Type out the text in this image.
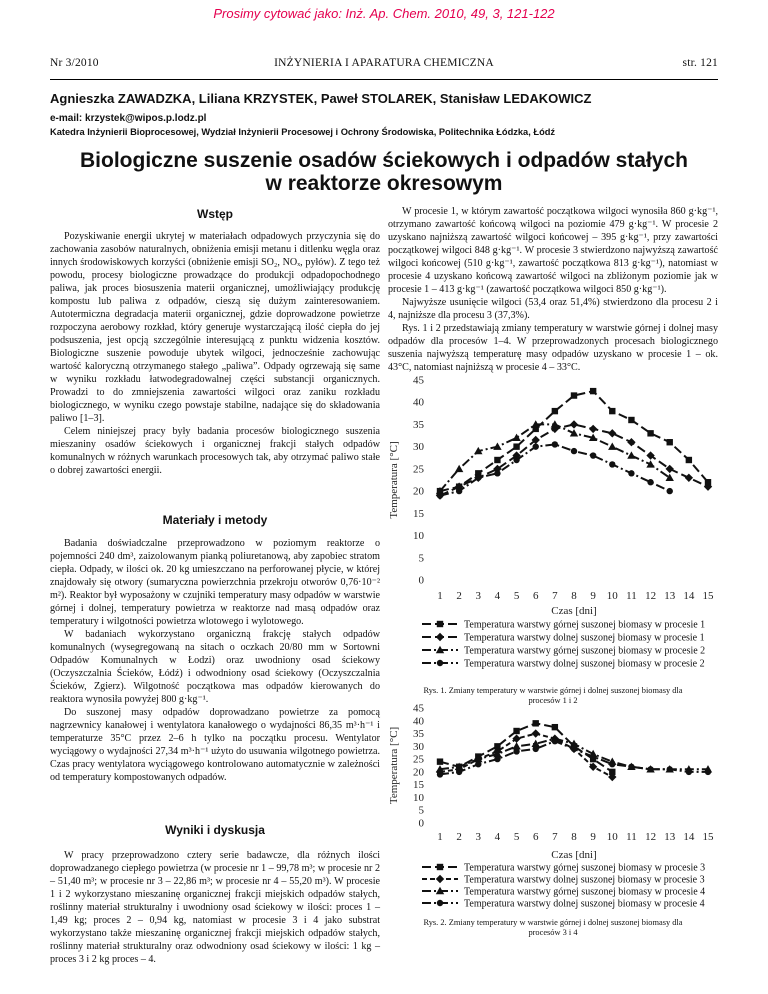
Prosimy cytować jako: Inż. Ap. Chem. 2010, 49, 3, 121-122
Nr 3/2010	INŻYNIERIA I APARATURA CHEMICZNA	str. 121
Agnieszka ZAWADZKA, Liliana KRZYSTEK, Paweł STOLAREK, Stanisław LEDAKOWICZ
e-mail: krzystek@wipos.p.lodz.pl
Katedra Inżynierii Bioprocesowej, Wydział Inżynierii Procesowej i Ochrony Środowiska, Politechnika Łódzka, Łódź
Biologiczne suszenie osadów ściekowych i odpadów stałych
w reaktorze okresowym
Wstęp
Pozyskiwanie energii ukrytej w materiałach odpadowych przyczynia się do zachowania zasobów naturalnych, obniżenia emisji metanu i ditlenku węgla oraz innych środowiskowych korzyści (obniżenie emisji SO₂, NOₓ, pyłów). Z tego też powodu, procesy biologiczne prowadzące do produkcji odpadopochodnego paliwa, jak proces biosuszenia materii organicznej, umożliwiający produkcję kompostu lub paliwa z odpadów, cieszą się dużym zainteresowaniem. Autotermiczna degradacja materii organicznej, gdzie doprowadzone powietrze rozpoczyna aerobowy rozkład, który generuje wystarczającą ilość ciepła do jej podsuszenia, jest opcją szczególnie interesującą z punktu widzenia kosztów. Biologiczne suszenie powoduje ubytek wilgoci, jednocześnie zachowując wartość kaloryczną otrzymanego stałego „paliwa”. Odpady ogrzewają się same w wyniku rozkładu łatwodegradowalnej części substancji organicznych. Prowadzi to do zmniejszenia zawartości wilgoci oraz zaniku rozkładu biologicznego, w wyniku czego powstaje stabilne, nadające się do składowania paliwo [1–3].
Celem niniejszej pracy były badania procesów biologicznego suszenia mieszaniny osadów ściekowych i organicznej frakcji stałych odpadów komunalnych w różnych warunkach procesowych tak, aby otrzymać paliwo stałe o dobrej zawartości energii.
Materiały i metody
Badania doświadczalne przeprowadzono w poziomym reaktorze o pojemności 240 dm³, zaizolowanym pianką poliuretanową, aby zapobiec stratom ciepła. Odpady, w ilości ok. 20 kg umieszczano na perforowanej płycie, w której znajdowały się otwory (sumaryczna powierzchnia przekroju otworów 0,76·10⁻² m²). Reaktor był wyposażony w czujniki temperatury masy odpadów w warstwie górnej i dolnej, temperatury powietrza w reaktorze nad masą odpadów oraz temperatury i wilgotności powietrza wlotowego i wylotowego.
W badaniach wykorzystano organiczną frakcję stałych odpadów komunalnych (wysegregowaną na sitach o oczkach 20/80 mm w Sortowni Odpadów Komunalnych w Łodzi) oraz uwodniony osad ściekowy (Oczyszczalnia Ścieków, Łódź) i odwodniony osad ściekowy (Oczyszczalnia Ścieków, Zgierz). Wilgotność początkowa mas odpadów kierowanych do reaktora wynosiła powyżej 800 g·kg⁻¹.
Do suszonej masy odpadów doprowadzano powietrze za pomocą nagrzewnicy kanałowej i wentylatora kanałowego o wydajności 86,35 m³·h⁻¹ i temperaturze 35°C przez 2–6 h tylko na początku procesu. Wentylator wyciągowy o wydajności 27,34 m³·h⁻¹ użyto do usuwania wilgotnego powietrza. Czas pracy wentylatora wyciągowego kontrolowano automatycznie w zależności od temperatury kompostowanych odpadów.
Wyniki i dyskusja
W pracy przeprowadzono cztery serie badawcze, dla różnych ilości doprowadzanego ciepłego powietrza (w procesie nr 1 – 99,78 m³; w procesie nr 2 – 51,40 m³; w procesie nr 3 – 22,86 m³; w procesie nr 4 – 55,20 m³). W procesie 1 i 2 wykorzystano mieszaninę organicznej frakcji miejskich odpadów stałych, roślinny materiał strukturalny i uwodniony osad ściekowy w ilości: proces 1 – 1,49 kg; proces 2 – 0,94 kg, natomiast w procesie 3 i 4 jako substrat wykorzystano także mieszaninę organicznej frakcji miejskich odpadów stałych, roślinny materiał strukturalny oraz odwodniony osad ściekowy w ilości: 1 kg – proces 3 i 2 kg proces – 4.
W procesie 1, w którym zawartość początkowa wilgoci wynosiła 860 g·kg⁻¹, otrzymano zawartość końcową wilgoci na poziomie 479 g·kg⁻¹. W procesie 2 uzyskano najniższą zawartość wilgoci końcowej – 395 g·kg⁻¹, przy zawartości początkowej wilgoci 848 g·kg⁻¹. W procesie 3 stwierdzono najwyższą zawartość wilgoci końcowej (510 g·kg⁻¹, zawartość początkowa 813 g·kg⁻¹), natomiast w procesie 4 uzyskano końcową zawartość wilgoci na zbliżonym poziomie jak w procesie 1 – 413 g·kg⁻¹ (zawartość początkowa wilgoci 850 g·kg⁻¹).
Najwyższe usunięcie wilgoci (53,4 oraz 51,4%) stwierdzono dla procesu 2 i 4, najniższe dla procesu 3 (37,3%).
Rys. 1 i 2 przedstawiają zmiany temperatury w warstwie górnej i dolnej masy odpadów dla procesów 1–4. W przeprowadzonych procesach biologicznego suszenia najwyższą temperaturę masy odpadów uzyskano w procesie 1 – ok. 43°C, natomiast najniższą w procesie 4 – 33°C.
0
5
10
15
20
25
30
35
40
45
1 2 3 4 5 6 7 8 9 10 11 12 13 14 15
Temperatura [°C]
Czas [dni]
Temperatura warstwy górnej suszonej biomasy w procesie 1
Temperatura warstwy dolnej suszonej biomasy w procesie 1
Temperatura warstwy górnej suszonej biomasy w procesie 2
Temperatura warstwy dolnej suszonej biomasy w procesie 2
Rys. 1. Zmiany temperatury w warstwie górnej i dolnej suszonej biomasy dla
procesów 1 i 2
0
5
10
15
20
25
30
35
40
45
1 2 3 4 5 6 7 8 9 10 11 12 13 14 15
Temperatura [°C]
Czas [dni]
Temperatura warstwy górnej suszonej biomasy w procesie 3
Temperatura warstwy dolnej suszonej biomasy w procesie 3
Temperatura warstwy górnej suszonej biomasy w procesie 4
Temperatura warstwy dolnej suszonej biomasy w procesie 4
Rys. 2. Zmiany temperatury w warstwie górnej i dolnej suszonej biomasy dla
procesów 3 i 4
